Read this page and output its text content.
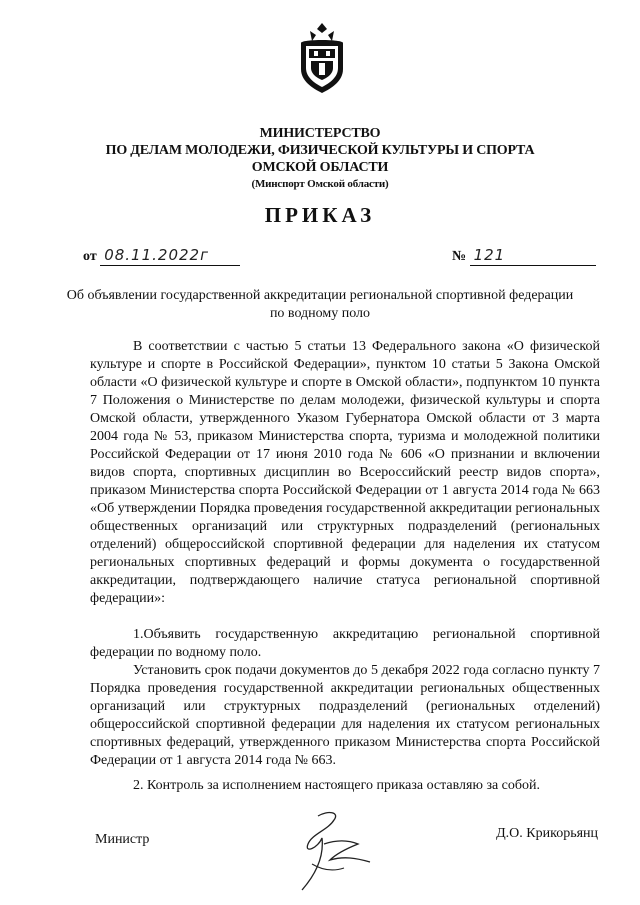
МИНИСТЕРСТВО
ПО ДЕЛАМ МОЛОДЕЖИ, ФИЗИЧЕСКОЙ КУЛЬТУРЫ И СПОРТА
ОМСКОЙ ОБЛАСТИ
(Минспорт Омской области)
ПРИКАЗ
от 08.11.2022г	№ 121
Об объявлении государственной аккредитации региональной спортивной федерации по водному поло

В соответствии с частью 5 статьи 13 Федерального закона «О физической культуре и спорте в Российской Федерации», пунктом 10 статьи 5 Закона Омской области «О физической культуре и спорте в Омской области», подпунктом 10 пункта 7 Положения о Министерстве по делам молодежи, физической культуры и спорта Омской области, утвержденного Указом Губернатора Омской области от 3 марта 2004 года № 53, приказом Министерства спорта, туризма и молодежной политики Российской Федерации от 17 июня 2010 года № 606 «О признании и включении видов спорта, спортивных дисциплин во Всероссийский реестр видов спорта», приказом Министерства спорта Российской Федерации от 1 августа 2014 года № 663 «Об утверждении Порядка проведения государственной аккредитации региональных общественных организаций или структурных подразделений (региональных отделений) общероссийской спортивной федерации для наделения их статусом региональных спортивных федераций и формы документа о государственной аккредитации, подтверждающего наличие статуса региональной спортивной федерации»:

1.Объявить государственную аккредитацию региональной спортивной федерации по водному поло.

Установить срок подачи документов до 5 декабря 2022 года согласно пункту 7 Порядка проведения государственной аккредитации региональных общественных организаций или структурных подразделений (региональных отделений) общероссийской спортивной федерации для наделения их статусом региональных спортивных федераций, утвержденного приказом Министерства спорта Российской Федерации от 1 августа 2014 года № 663.

2. Контроль за исполнением настоящего приказа оставляю за собой.

Министр	Д.О. Крикорьянц
